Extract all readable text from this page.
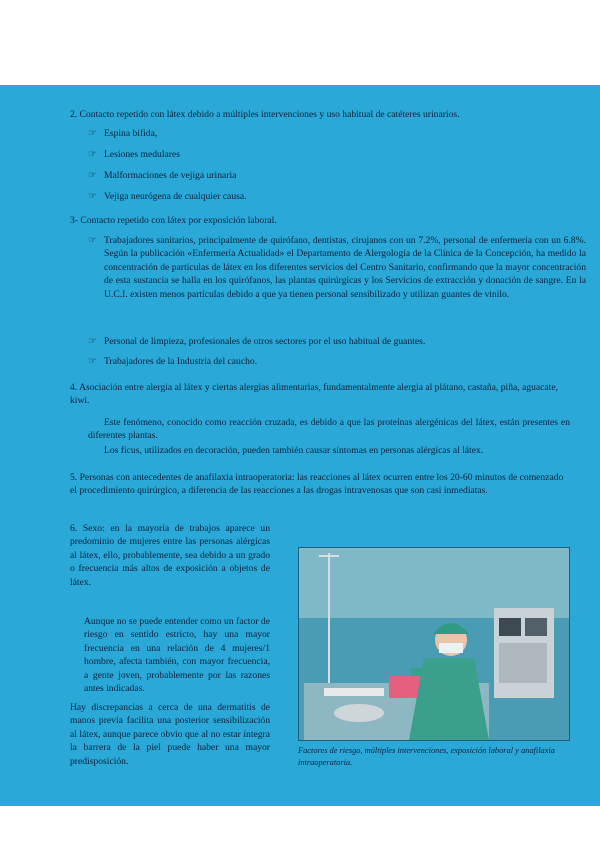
2. Contacto repetido con látex debido a múltiples intervenciones y uso habitual de catéteres urinarios.

☞ Espina bífida,
☞ Lesiones medulares
☞ Malformaciones de vejiga urinaria
☞ Vejiga neurógena de cualquier causa.

3- Contacto repetido con látex por exposición laboral.

☞ Trabajadores sanitarios, principalmente de quirófano, dentistas, cirujanos con un 7.2%, personal de enfermería con un 6.8%. Según la publicación «Enfermería Actualidad» el Departamento de Alergología de la Clínica de la Concepción, ha medido la concentración de partículas de látex en los diferentes servicios del Centro Sanitario, confirmando que la mayor concentración de esta sustancia se halla en los quirófanos, las plantas quirúrgicas y los Servicios de extracción y donación de sangre. En la U.C.I. existen menos partículas debido a que ya tienen personal sensibilizado y utilizan guantes de vinilo.
☞ Personal de limpieza, profesionales de otros sectores por el uso habitual de guantes.
☞ Trabajadores de la Industria del caucho.

4. Asociación entre alergia al látex y ciertas alergias alimentarias, fundamentalmente alergia al plátano, castaña, piña, aguacate, kiwi.

Este fenómeno, conocido como reacción cruzada, es debido a que las proteínas alergénicas del látex, están presentes en diferentes plantas.

Los ficus, utilizados en decoración, pueden también causar síntomas en personas alérgicas al látex.

5. Personas con antecedentes de anafilaxia intraoperatoria: las reacciones al látex ocurren entre los 20-60 minutos de comenzado el procedimiento quirúrgico, a diferencia de las reacciones a las drogas intravenosas que son casi inmediatas.

6. Sexo: en la mayoría de trabajos aparece un predominio de mujeres entre las personas alérgicas al látex, ello, probablemente, sea debido a un grado o frecuencia más altos de exposición a objetos de látex.

Aunque no se puede entender como un factor de riesgo en sentido estricto, hay una mayor frecuencia en una relación de 4 mujeres/1 hombre, afecta también, con mayor frecuencia, a gente joven, probablemente por las razones antes indicadas.

Hay discrepancias a cerca de una dermatitis de manos previa facilita una posterior sensibilización al látex, aunque parece obvio que al no estar íntegra la barrera de la piel puede haber una mayor predisposición.

Factores de riesgo, múltiples intervenciones, exposición laboral y anafilaxia intraoperatoria.
